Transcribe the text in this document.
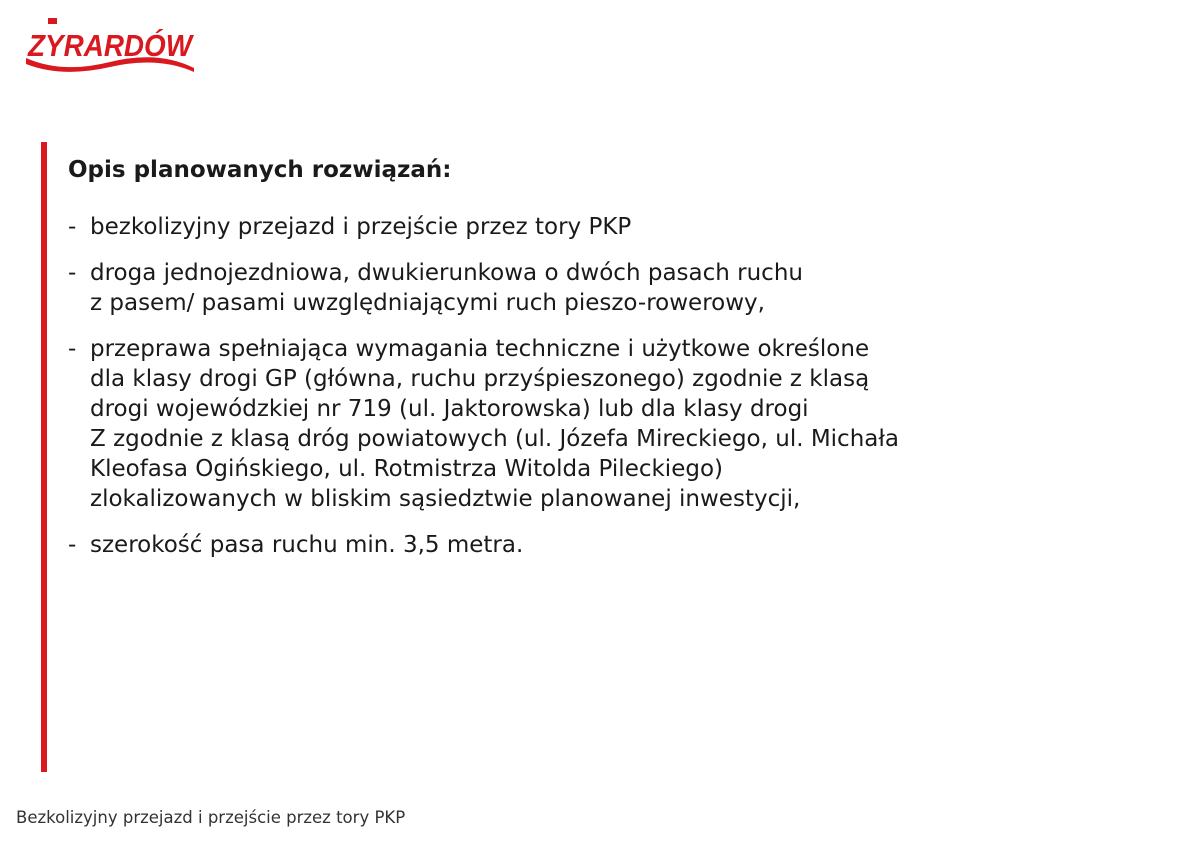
ZYRARDÓW
Opis planowanych rozwiązań:
- bezkolizyjny przejazd i przejście przez tory PKP
- droga jednojezdniowa, dwukierunkowa o dwóch pasach ruchu
z pasem/ pasami uwzględniającymi ruch pieszo-rowerowy,
- przeprawa spełniająca wymagania techniczne i użytkowe określone
dla klasy drogi GP (główna, ruchu przyśpieszonego) zgodnie z klasą
drogi wojewódzkiej nr 719 (ul. Jaktorowska) lub dla klasy drogi
Z zgodnie z klasą dróg powiatowych (ul. Józefa Mireckiego, ul. Michała
Kleofasa Ogińskiego, ul. Rotmistrza Witolda Pileckiego)
zlokalizowanych w bliskim sąsiedztwie planowanej inwestycji,
- szerokość pasa ruchu min. 3,5 metra.
Bezkolizyjny przejazd i przejście przez tory PKP
